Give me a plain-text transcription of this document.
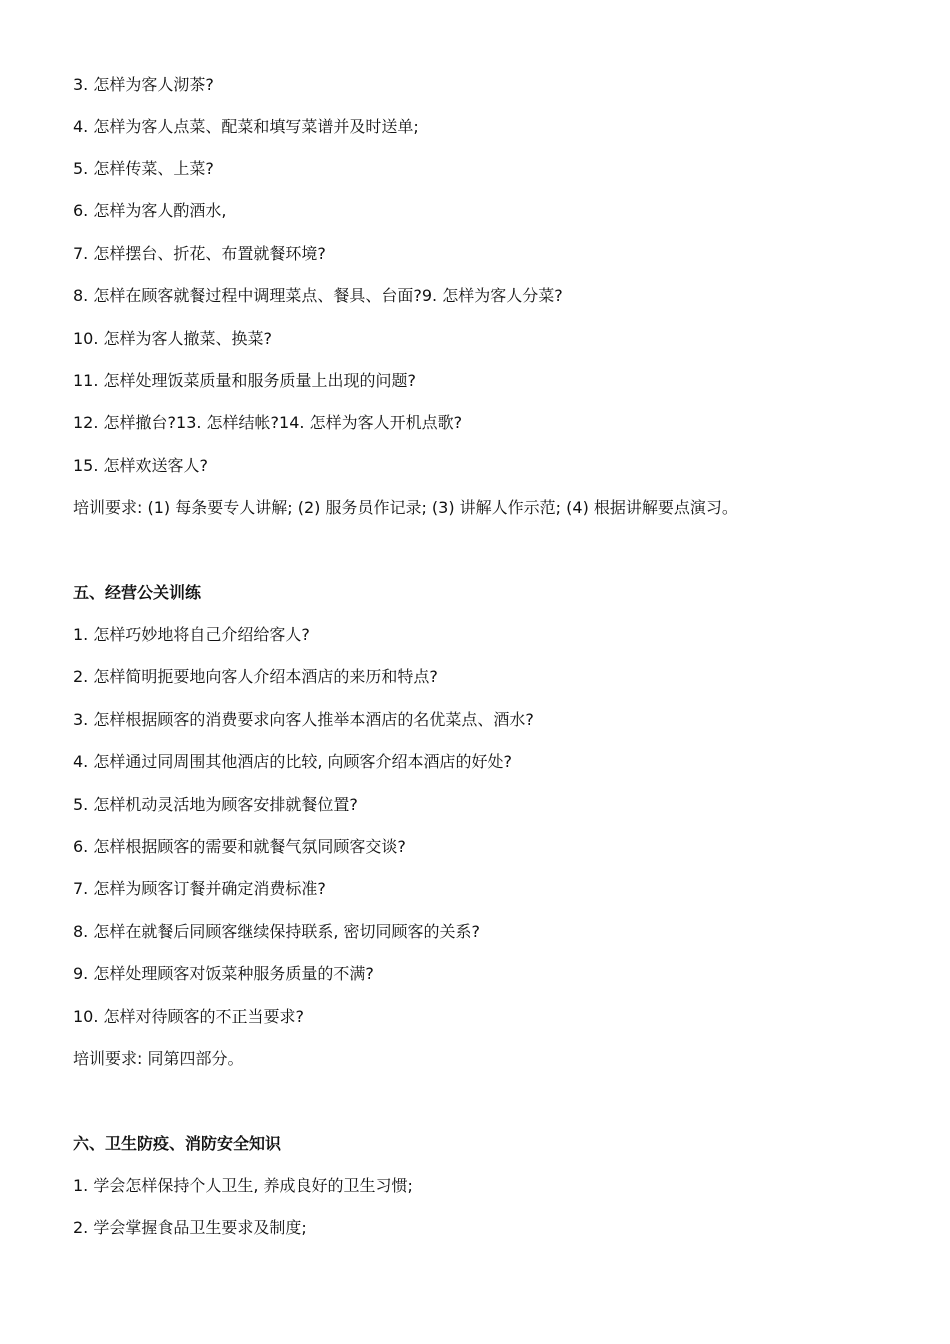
3. 怎样为客人沏茶?
4. 怎样为客人点菜、配菜和填写菜谱并及时送单;
5. 怎样传菜、上菜?
6. 怎样为客人酌酒水,
7. 怎样摆台、折花、布置就餐环境?
8. 怎样在顾客就餐过程中调理菜点、餐具、台面?9. 怎样为客人分菜?
10. 怎样为客人撤菜、换菜?
11. 怎样处理饭菜质量和服务质量上出现的问题?
12. 怎样撤台?13. 怎样结帐?14. 怎样为客人开机点歌?
15. 怎样欢送客人?
培训要求: (1) 每条要专人讲解; (2) 服务员作记录; (3) 讲解人作示范; (4) 根据讲解要点演习。
五、经营公关训练
1. 怎样巧妙地将自己介绍给客人?
2. 怎样简明扼要地向客人介绍本酒店的来历和特点?
3. 怎样根据顾客的消费要求向客人推举本酒店的名优菜点、酒水?
4. 怎样通过同周围其他酒店的比较, 向顾客介绍本酒店的好处?
5. 怎样机动灵活地为顾客安排就餐位置?
6. 怎样根据顾客的需要和就餐气氛同顾客交谈?
7. 怎样为顾客订餐并确定消费标准?
8. 怎样在就餐后同顾客继续保持联系, 密切同顾客的关系?
9. 怎样处理顾客对饭菜种服务质量的不满?
10. 怎样对待顾客的不正当要求?
培训要求: 同第四部分。
六、卫生防疫、消防安全知识
1. 学会怎样保持个人卫生, 养成良好的卫生习惯;
2. 学会掌握食品卫生要求及制度;
